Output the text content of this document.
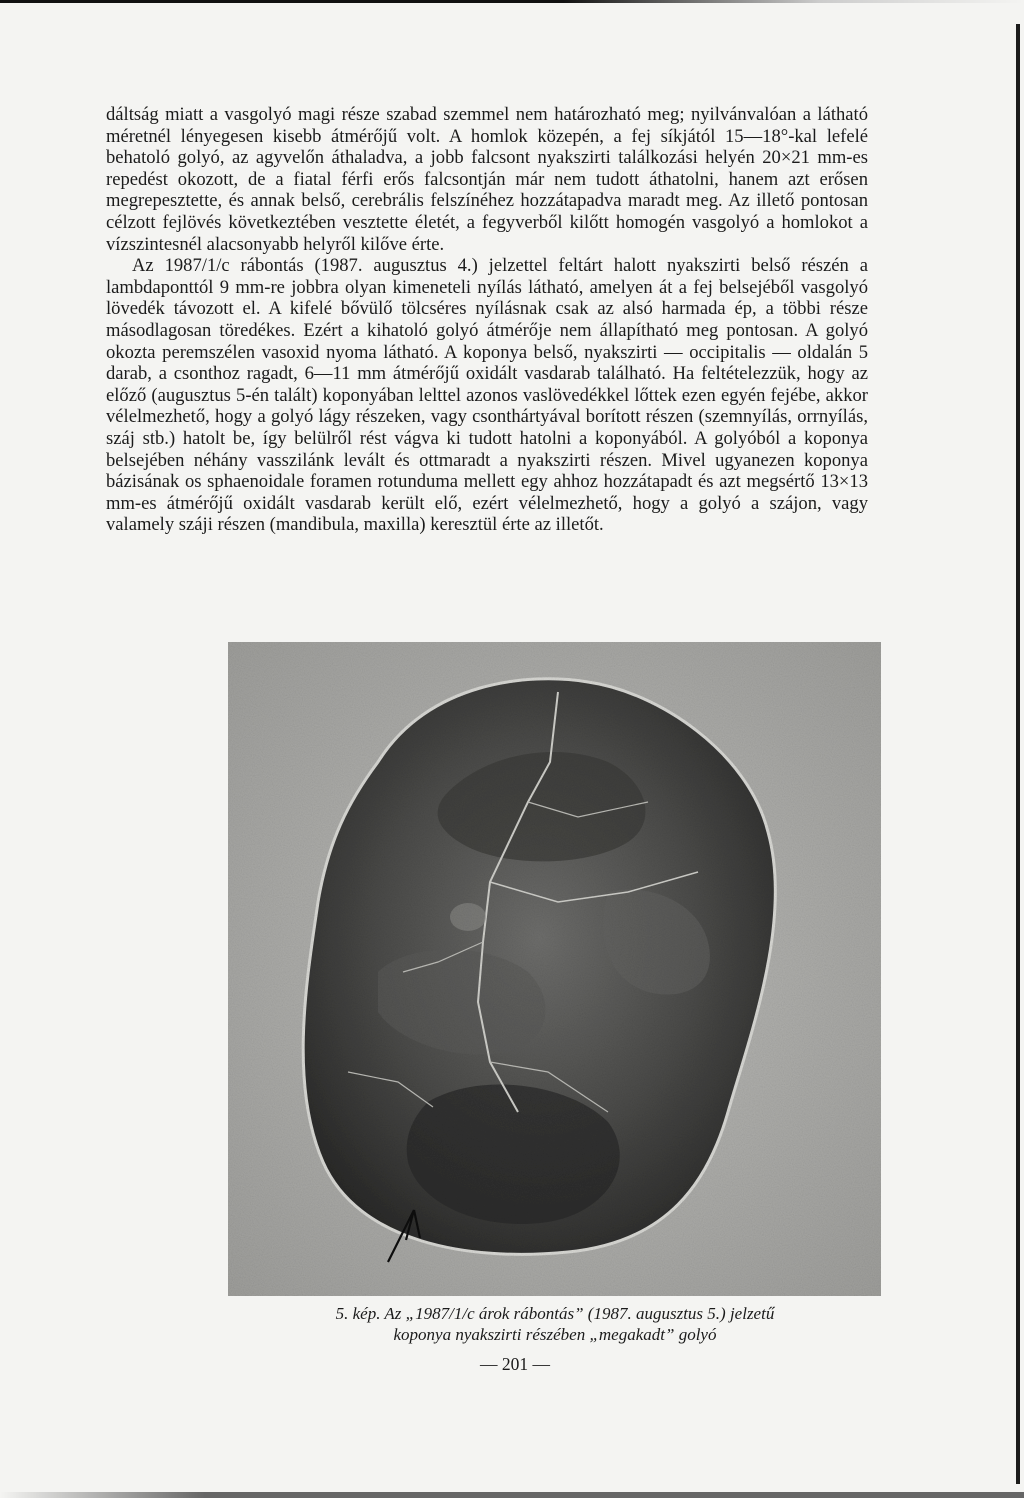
dáltság miatt a vasgolyó magi része szabad szemmel nem határozható meg; nyilvánvalóan a látható méretnél lényegesen kisebb átmérőjű volt. A homlok közepén, a fej síkjától 15—18°-kal lefelé behatoló golyó, az agyvelőn áthaladva, a jobb falcsont nyakszirti találkozási helyén 20×21 mm-es repedést okozott, de a fiatal férfi erős falcsontján már nem tudott áthatolni, hanem azt erősen megrepesztette, és annak belső, cerebrális felszínéhez hozzátapadva maradt meg. Az illető pontosan célzott fejlövés következtében vesztette életét, a fegyverből kilőtt homogén vasgolyó a homlokot a vízszintesnél alacsonyabb helyről kilőve érte.

Az 1987/1/c rábontás (1987. augusztus 4.) jelzettel feltárt halott nyakszirti belső részén a lambdaponttól 9 mm-re jobbra olyan kimeneteli nyílás látható, amelyen át a fej belsejéből vasgolyó lövedék távozott el. A kifelé bővülő tölcséres nyílásnak csak az alsó harmada ép, a többi része másodlagosan töredékes. Ezért a kihatoló golyó átmérője nem állapítható meg pontosan. A golyó okozta peremszélen vasoxid nyoma látható. A koponya belső, nyakszirti — occipitalis — oldalán 5 darab, a csonthoz ragadt, 6—11 mm átmérőjű oxidált vasdarab található. Ha feltételezzük, hogy az előző (augusztus 5-én talált) koponyában lelttel azonos vaslövedékkel lőttek ezen egyén fejébe, akkor vélelmezhető, hogy a golyó lágy részeken, vagy csonthártyával borított részen (szemnyílás, orrnyílás, száj stb.) hatolt be, így belülről rést vágva ki tudott hatolni a koponyából. A golyóból a koponya belsejében néhány vasszilánk levált és ottmaradt a nyakszirti részen. Mivel ugyanezen koponya bázisának os sphaenoidale foramen rotunduma mellett egy ahhoz hozzátapadt és azt megsértő 13×13 mm-es átmérőjű oxidált vasdarab került elő, ezért vélelmezhető, hogy a golyó a szájon, vagy valamely száji részen (mandibula, maxilla) keresztül érte az illetőt.

5. kép. Az „1987/1/c árok rábontás” (1987. augusztus 5.) jelzetű
koponya nyakszirti részében „megakadt” golyó
— 201 —
